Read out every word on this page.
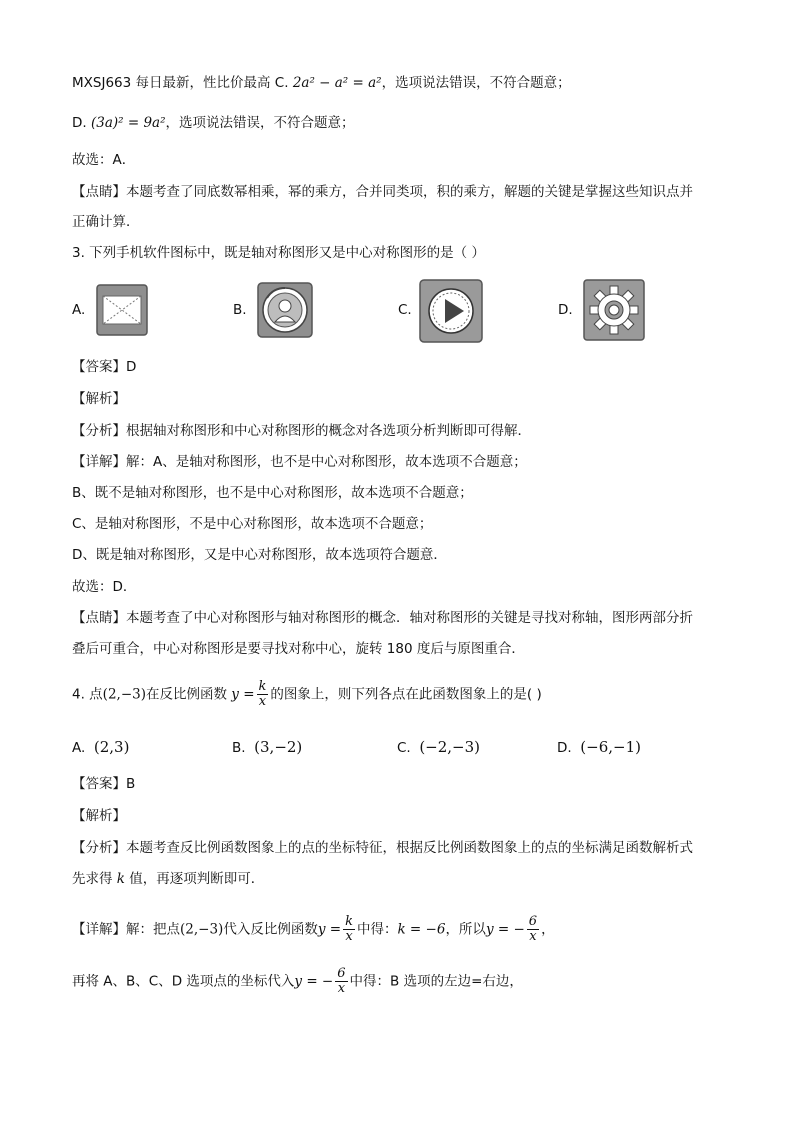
MXSJ663 每日最新，性比价最高 C. 2a² − a² = a²，选项说法错误，不符合题意；
D. (3a)² = 9a²，选项说法错误，不符合题意；
故选：A．
【点睛】本题考查了同底数幂相乘，幂的乘方，合并同类项，积的乘方，解题的关键是掌握这些知识点并
正确计算．
3. 下列手机软件图标中，既是轴对称图形又是中心对称图形的是（ ）
A.	B.	C.	D.
【答案】D
【解析】
【分析】根据轴对称图形和中心对称图形的概念对各选项分析判断即可得解．
【详解】解：A、是轴对称图形，也不是中心对称图形，故本选项不合题意；
B、既不是轴对称图形，也不是中心对称图形，故本选项不合题意；
C、是轴对称图形，不是中心对称图形，故本选项不合题意；
D、既是轴对称图形，又是中心对称图形，故本选项符合题意．
故选：D．
【点睛】本题考查了中心对称图形与轴对称图形的概念．轴对称图形的关键是寻找对称轴，图形两部分折
叠后可重合，中心对称图形是要寻找对称中心，旋转 180 度后与原图重合．
4. 点(2,−3)在反比例函数 $y = \frac{k}{x}$ 的图象上，则下列各点在此函数图象上的是( )
A. (2,3)	B. (3,−2)	C. (−2,−3)	D. (−6,−1)
【答案】B
【解析】
【分析】本题考查反比例函数图象上的点的坐标特征，根据反比例函数图象上的点的坐标满足函数解析式
先求得 k 值，再逐项判断即可．
【详解】解：把点(2,−3)代入反比例函数$y = \frac{k}{x}$ 中得：k = −6，所以y = − $\frac{6}{x}$ ，
再将 A、B、C、D 选项点的坐标代入y = − $\frac{6}{x}$ 中得：B 选项的左边=右边，
